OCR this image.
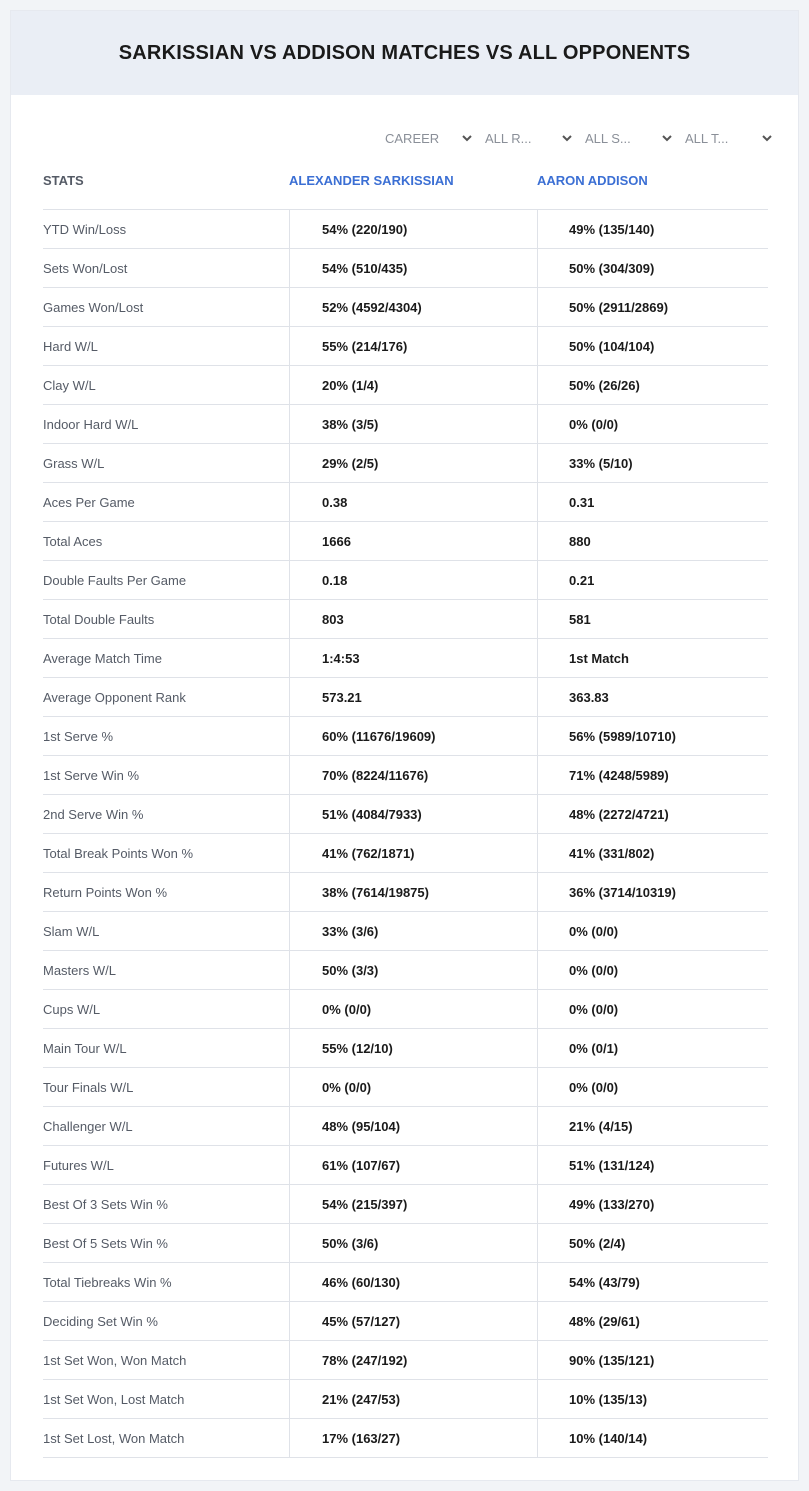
SARKISSIAN VS ADDISON MATCHES VS ALL OPPONENTS
CAREER	ALL R...	ALL S...	ALL T...
STATS	ALEXANDER SARKISSIAN	AARON ADDISON
YTD Win/Loss	54% (220/190)	49% (135/140)
Sets Won/Lost	54% (510/435)	50% (304/309)
Games Won/Lost	52% (4592/4304)	50% (2911/2869)
Hard W/L	55% (214/176)	50% (104/104)
Clay W/L	20% (1/4)	50% (26/26)
Indoor Hard W/L	38% (3/5)	0% (0/0)
Grass W/L	29% (2/5)	33% (5/10)
Aces Per Game	0.38	0.31
Total Aces	1666	880
Double Faults Per Game	0.18	0.21
Total Double Faults	803	581
Average Match Time	1:4:53	1st Match
Average Opponent Rank	573.21	363.83
1st Serve %	60% (11676/19609)	56% (5989/10710)
1st Serve Win %	70% (8224/11676)	71% (4248/5989)
2nd Serve Win %	51% (4084/7933)	48% (2272/4721)
Total Break Points Won %	41% (762/1871)	41% (331/802)
Return Points Won %	38% (7614/19875)	36% (3714/10319)
Slam W/L	33% (3/6)	0% (0/0)
Masters W/L	50% (3/3)	0% (0/0)
Cups W/L	0% (0/0)	0% (0/0)
Main Tour W/L	55% (12/10)	0% (0/1)
Tour Finals W/L	0% (0/0)	0% (0/0)
Challenger W/L	48% (95/104)	21% (4/15)
Futures W/L	61% (107/67)	51% (131/124)
Best Of 3 Sets Win %	54% (215/397)	49% (133/270)
Best Of 5 Sets Win %	50% (3/6)	50% (2/4)
Total Tiebreaks Win %	46% (60/130)	54% (43/79)
Deciding Set Win %	45% (57/127)	48% (29/61)
1st Set Won, Won Match	78% (247/192)	90% (135/121)
1st Set Won, Lost Match	21% (247/53)	10% (135/13)
1st Set Lost, Won Match	17% (163/27)	10% (140/14)
